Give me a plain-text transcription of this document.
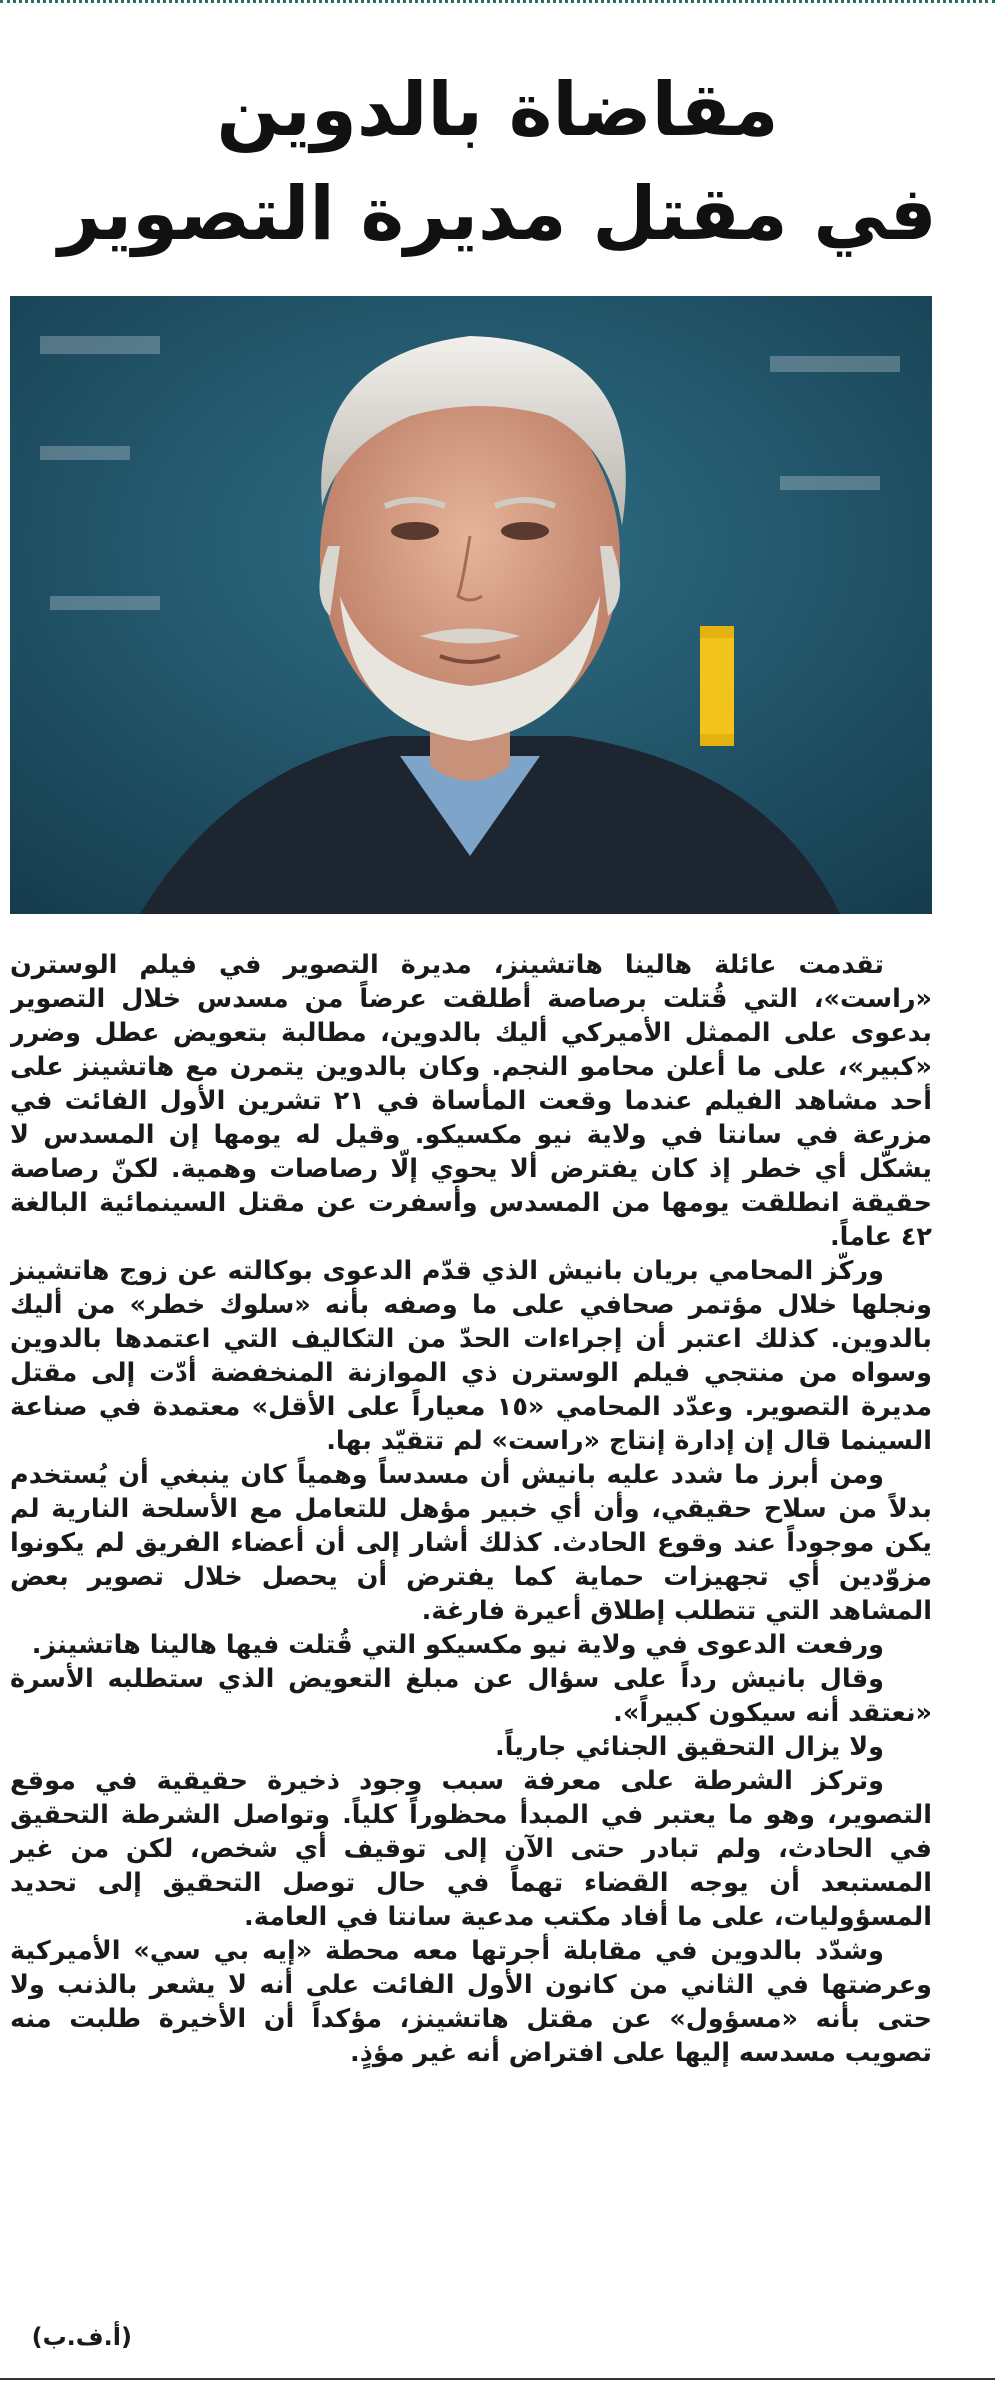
مقاضاة بالدوين
في مقتل مديرة التصوير

تقدمت عائلة هالينا هاتشينز، مديرة التصوير في فيلم الوسترن «راست»، التي قُتلت برصاصة أطلقت عرضاً من مسدس خلال التصوير بدعوى على الممثل الأميركي أليك بالدوين، مطالبة بتعويض عطل وضرر «كبير»، على ما أعلن محامو النجم. وكان بالدوين يتمرن مع هاتشينز على أحد مشاهد الفيلم عندما وقعت المأساة في ٢١ تشرين الأول الفائت في مزرعة في سانتا في ولاية نيو مكسيكو. وقيل له يومها إن المسدس لا يشكّل أي خطر إذ كان يفترض ألا يحوي إلّا رصاصات وهمية. لكنّ رصاصة حقيقة انطلقت يومها من المسدس وأسفرت عن مقتل السينمائية البالغة ٤٢ عاماً.

وركّز المحامي بريان بانيش الذي قدّم الدعوى بوكالته عن زوج هاتشينز ونجلها خلال مؤتمر صحافي على ما وصفه بأنه «سلوك خطر» من أليك بالدوين. كذلك اعتبر أن إجراءات الحدّ من التكاليف التي اعتمدها بالدوين وسواه من منتجي فيلم الوسترن ذي الموازنة المنخفضة أدّت إلى مقتل مديرة التصوير. وعدّد المحامي «١٥ معياراً على الأقل» معتمدة في صناعة السينما قال إن إدارة إنتاج «راست» لم تتقيّد بها.

ومن أبرز ما شدد عليه بانيش أن مسدساً وهمياً كان ينبغي أن يُستخدم بدلاً من سلاح حقيقي، وأن أي خبير مؤهل للتعامل مع الأسلحة النارية لم يكن موجوداً عند وقوع الحادث. كذلك أشار إلى أن أعضاء الفريق لم يكونوا مزوّدين أي تجهيزات حماية كما يفترض أن يحصل خلال تصوير بعض المشاهد التي تتطلب إطلاق أعيرة فارغة.

ورفعت الدعوى في ولاية نيو مكسيكو التي قُتلت فيها هالينا هاتشينز.

وقال بانيش رداً على سؤال عن مبلغ التعويض الذي ستطلبه الأسرة «نعتقد أنه سيكون كبيراً».

ولا يزال التحقيق الجنائي جارياً.

وتركز الشرطة على معرفة سبب وجود ذخيرة حقيقية في موقع التصوير، وهو ما يعتبر في المبدأ محظوراً كلياً. وتواصل الشرطة التحقيق في الحادث، ولم تبادر حتى الآن إلى توقيف أي شخص، لكن من غير المستبعد أن يوجه القضاء تهماً في حال توصل التحقيق إلى تحديد المسؤوليات، على ما أفاد مكتب مدعية سانتا في العامة.

وشدّد بالدوين في مقابلة أجرتها معه محطة «إيه بي سي» الأميركية وعرضتها في الثاني من كانون الأول الفائت على أنه لا يشعر بالذنب ولا حتى بأنه «مسؤول» عن مقتل هاتشينز، مؤكداً أن الأخيرة طلبت منه تصويب مسدسه إليها على افتراض أنه غير مؤذٍ.

(أ.ف.ب)
